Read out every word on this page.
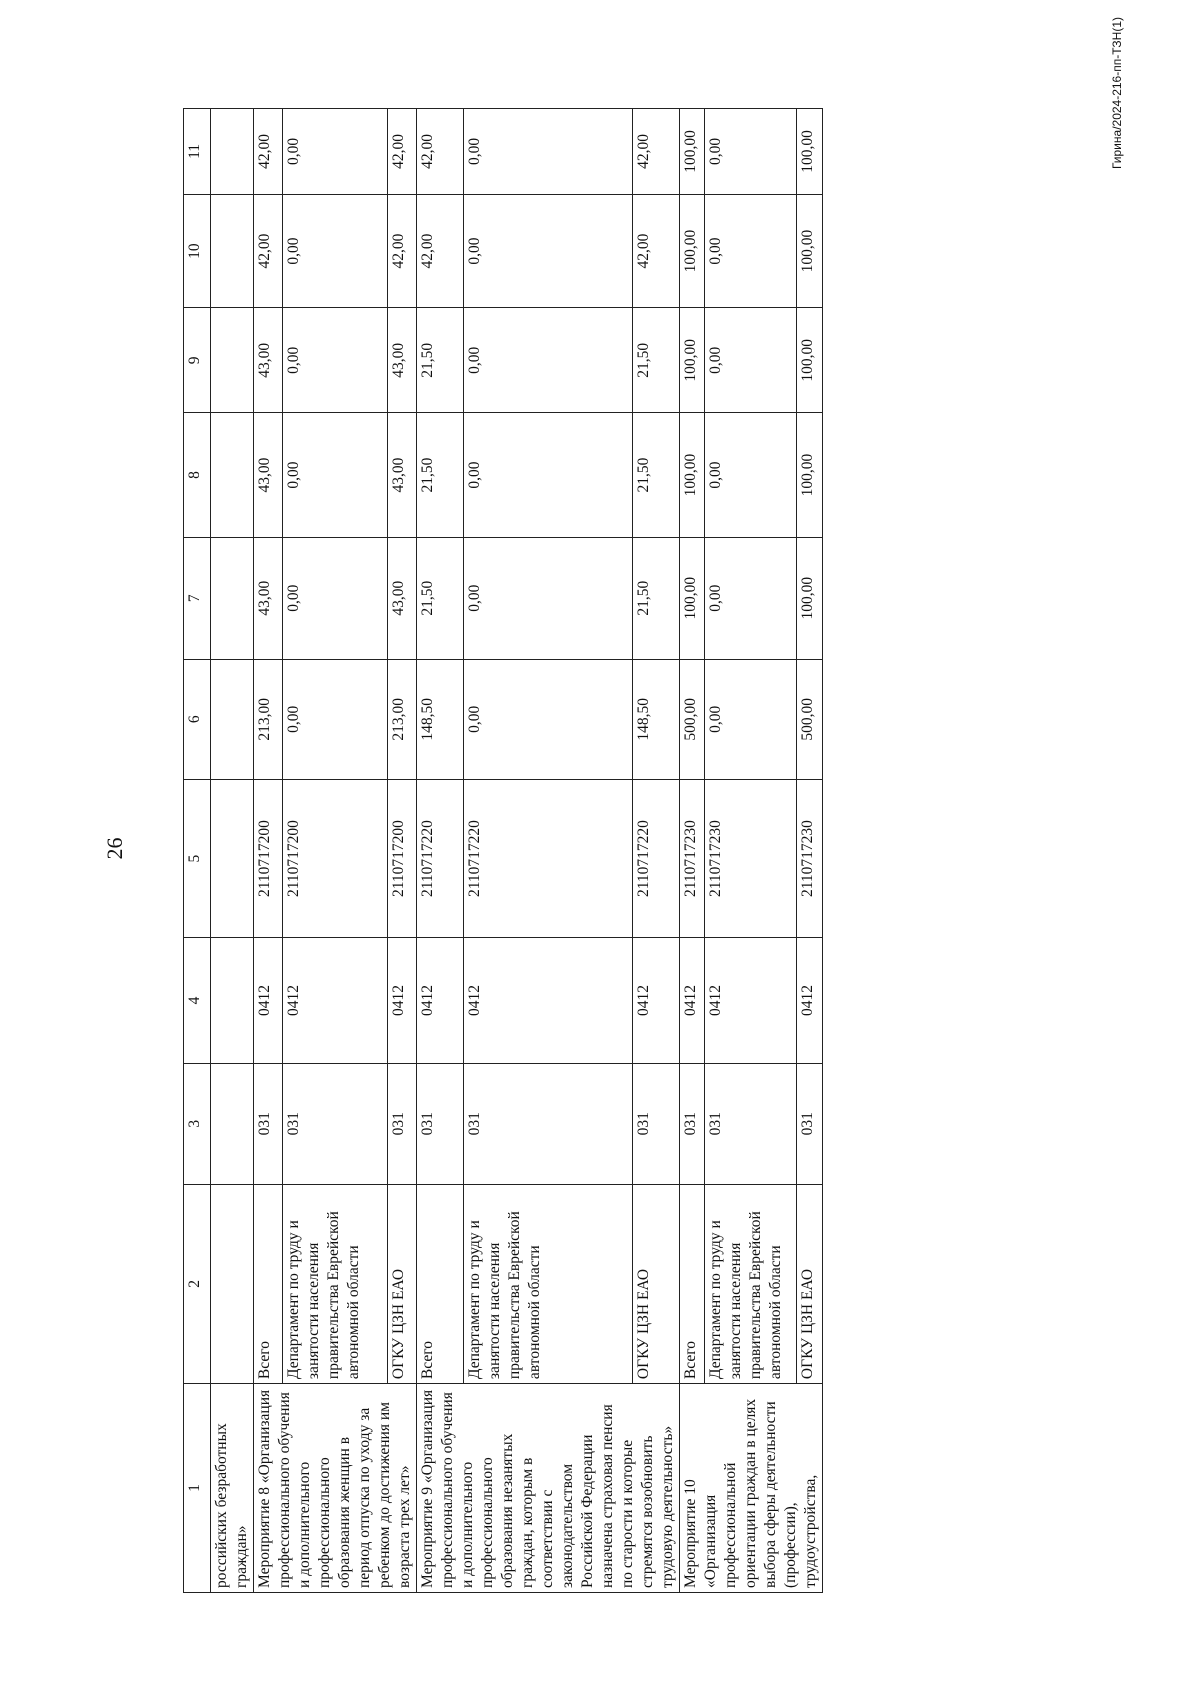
26
1	2	3	4	5	6	7	8	9	10	11
российских безработных граждан»										
Мероприятие 8 «Организация профессионального обучения и дополнительного профессионального образования женщин в период отпуска по уходу за ребенком до достижения им возраста трех лет»	Всего	031	0412	2110717200	213,00	43,00	43,00	43,00	42,00	42,00
	Департамент по труду и занятости населения правительства Еврейской автономной области	031	0412	2110717200	0,00	0,00	0,00	0,00	0,00	0,00
	ОГКУ ЦЗН ЕАО	031	0412	2110717200	213,00	43,00	43,00	43,00	42,00	42,00
Мероприятие 9 «Организация профессионального обучения и дополнительного профессионального образования незанятых граждан, которым в соответствии с законодательством Российской Федерации назначена страховая пенсия по старости и которые стремятся возобновить трудовую деятельность»	Всего	031	0412	2110717220	148,50	21,50	21,50	21,50	42,00	42,00
	Департамент по труду и занятости населения правительства Еврейской автономной области	031	0412	2110717220	0,00	0,00	0,00	0,00	0,00	0,00
	ОГКУ ЦЗН ЕАО	031	0412	2110717220	148,50	21,50	21,50	21,50	42,00	42,00
Мероприятие 10 «Организация профессиональной ориентации граждан в целях выбора сферы деятельности (профессии), трудоустройства,	Всего	031	0412	2110717230	500,00	100,00	100,00	100,00	100,00	100,00
	Департамент по труду и занятости населения правительства Еврейской автономной области	031	0412	2110717230	0,00	0,00	0,00	0,00	0,00	0,00
	ОГКУ ЦЗН ЕАО	031	0412	2110717230	500,00	100,00	100,00	100,00	100,00	100,00	Гирина/2024-216-пп-ТЗН(1)
